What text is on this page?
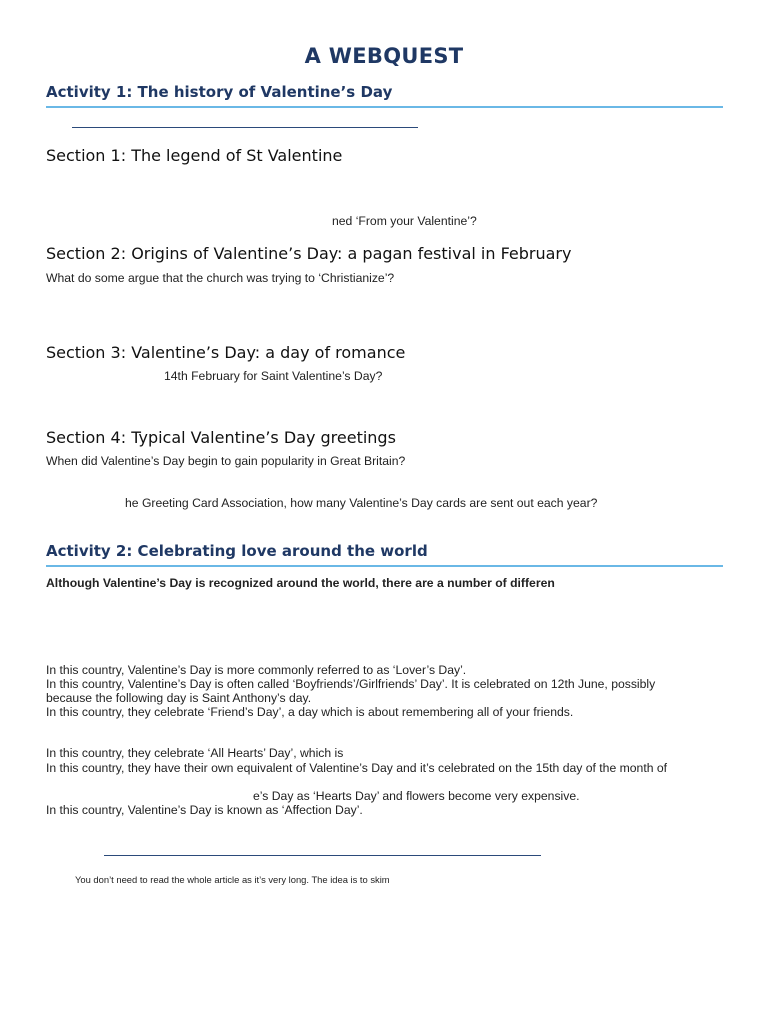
A WEBQUEST
Activity 1: The history of Valentine’s Day
Section 1: The legend of St Valentine
ned ‘From your Valentine’?
Section 2: Origins of Valentine’s Day: a pagan festival in February
What do some argue that the church was trying to ‘Christianize’?
Section 3: Valentine’s Day: a day of romance
14th February for Saint Valentine’s Day?
Section 4: Typical Valentine’s Day greetings
When did Valentine’s Day begin to gain popularity in Great Britain?
he Greeting Card Association, how many Valentine’s Day cards are sent out each year?
Activity 2: Celebrating love around the world
Although Valentine’s Day is recognized around the world, there are a number of differen
In this country, Valentine’s Day is more commonly referred to as ‘Lover’s Day’.
In this country, Valentine’s Day is often called ‘Boyfriends’/Girlfriends’ Day’. It is celebrated on 12th June, possibly
because the following day is Saint Anthony’s day.
In this country, they celebrate ‘Friend’s Day’, a day which is about remembering all of your friends.
In this country, they celebrate ‘All Hearts’ Day’, which is
In this country, they have their own equivalent of Valentine’s Day and it’s celebrated on the 15th day of the month of
e’s Day as ‘Hearts Day’ and flowers become very expensive.
In this country, Valentine’s Day is known as ‘Affection Day’.
You don’t need to read the whole article as it’s very long. The idea is to skim
